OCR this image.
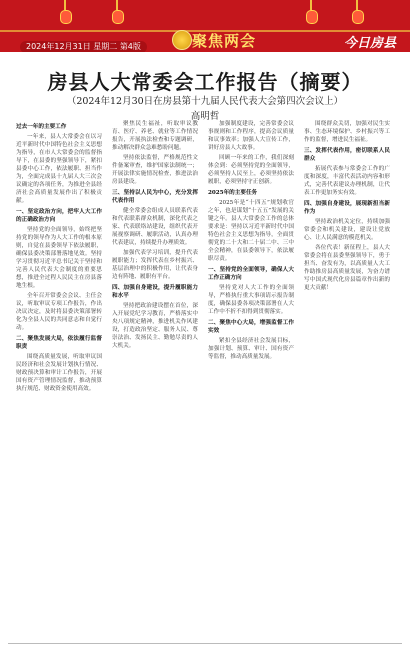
2024年12月31日 星期二 第4版	聚焦两会	今日房县
房县人大常委会工作报告（摘要）
（2024年12月30日在房县第十九届人民代表大会第四次会议上）
高明哲

过去一年的主要工作

一年来，县人大常委会在以习近平新时代中国特色社会主义思想为指导，在市人大常委会的监督指导下，在县委的坚强领导下，紧扣县委中心工作，依法履职、担当作为，全面完成县十九届人大三次会议确定的各项任务，为推进全县经济社会高质量发展作出了积极贡献。

一、坚定政治方向，把牢人大工作的正确政治方向

坚持党的全面领导，始终把坚持党的领导作为人大工作的根本原则，自觉在县委领导下依法履职，确保县委决策部署落地见效。坚持学习贯彻习近平总书记关于坚持和完善人民代表大会制度的重要思想，推进全过程人民民主在房县落地生根。

全年召开常委会会议、主任会议，听取审议专项工作报告，作出决议决定，及时将县委决策部署转化为全县人民的共同意志和自觉行动。

二、聚焦发展大局，依法履行监督职责

围绕高质量发展，听取审议国民经济和社会发展计划执行情况、财政预决算和审计工作报告，开展国有资产管理情况监督，推动预算执行规范、财政资金使用高效。

聚焦民生福祉，听取审议教育、医疗、养老、就业等工作情况报告，开展执法检查和专题调研，推动解决群众急难愁盼问题。

坚持依法监督，严格规范性文件备案审查，维护国家法制统一；开展法律实施情况检查，推进法治房县建设。

三、坚持以人民为中心，充分发挥代表作用

健全常委会组成人员联系代表和代表联系群众机制，深化代表之家、代表联络站建设，组织代表开展视察调研、履职活动，认真办理代表建议，持续提升办理质效。

加强代表学习培训，提升代表履职能力；发挥代表在乡村振兴、基层治理中的积极作用，让代表身边有阵地、履职有平台。

四、加强自身建设，提升履职能力和水平

坚持把政治建设摆在首位，深入开展党纪学习教育，严格落实中央八项规定精神，推进机关作风建设，打造政治坚定、服务人民、尊崇法治、发扬民主、勤勉尽责的人大机关。

加强制度建设，完善常委会议事规则和工作程序，提高会议质量和议事效率；加强人大宣传工作，讲好房县人大故事。

回顾一年来的工作，我们深刻体会到：必须坚持党的全面领导，必须坚持人民至上，必须坚持依法履职，必须坚持守正创新。

2025年的主要任务

2025年是“十四五”规划收官之年，也是谋划“十五五”发展的关键之年。县人大常委会工作的总体要求是：坚持以习近平新时代中国特色社会主义思想为指导，全面贯彻党的二十大和二十届二中、三中全会精神，在县委领导下，依法履职尽责。

一、坚持党的全面领导，确保人大工作正确方向

坚持党对人大工作的全面领导，严格执行重大事项请示报告制度，确保县委各项决策部署在人大工作中不折不扣得到贯彻落实。

二、聚焦中心大局，增强监督工作实效

紧扣全县经济社会发展目标，加强计划、预算、审计、国有资产等监督，推动高质量发展。

围绕群众关切，加强对民生实事、生态环境保护、乡村振兴等工作的监督，增进民生福祉。

三、发挥代表作用，密切联系人民群众

拓展代表参与常委会工作的广度和深度，丰富代表活动内容和形式，完善代表建议办理机制，让代表工作更加务实有效。

四、加强自身建设，展现新担当新作为

坚持政治机关定位，持续加强常委会和机关建设，建设让党放心、让人民满意的模范机关。

各位代表！新征程上，县人大常委会将在县委坚强领导下，勇于担当、奋发有为，以高质量人大工作助推房县高质量发展，为奋力谱写中国式现代化房县篇章作出新的更大贡献！
